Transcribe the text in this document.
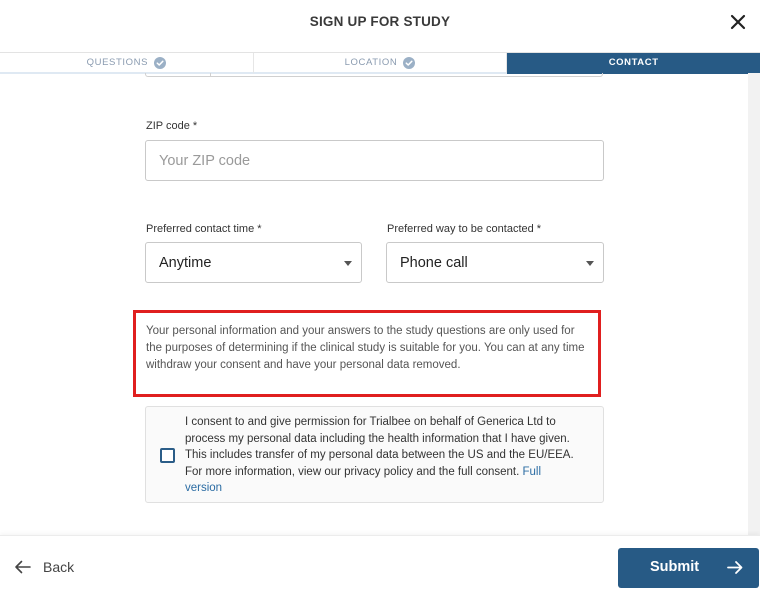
SIGN UP FOR STUDY
QUESTIONS	LOCATION	CONTACT
ZIP code *
Your ZIP code
Preferred contact time *
Anytime
Preferred way to be contacted *
Phone call
Your personal information and your answers to the study questions are only used for the purposes of determining if the clinical study is suitable for you. You can at any time withdraw your consent and have your personal data removed.
I consent to and give permission for Trialbee on behalf of Generica Ltd to process my personal data including the health information that I have given. This includes transfer of my personal data between the US and the EU/EEA. For more information, view our privacy policy and the full consent. Full version
Back	Submit
